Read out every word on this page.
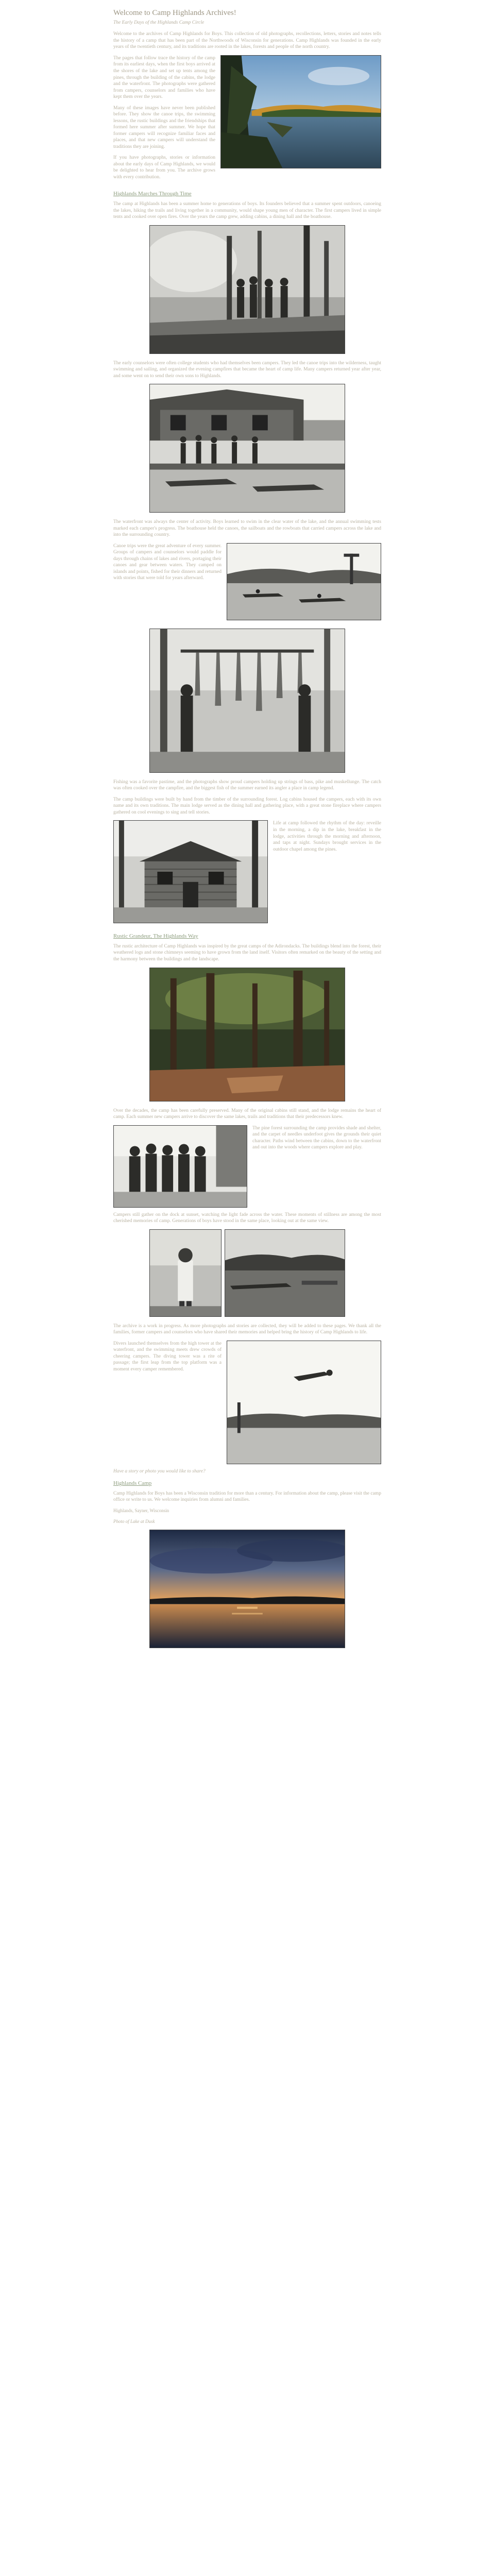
Welcome to Camp Highlands Archives!
The Early Days of the Highlands Camp Circle

Welcome to the archives of Camp Highlands for Boys. This collection of old photographs, recollections, letters, stories and notes tells the history of a camp that has been part of the Northwoods of Wisconsin for generations. Camp Highlands was founded in the early years of the twentieth century, and its traditions are rooted in the lakes, forests and people of the north country.

The pages that follow trace the history of the camp from its earliest days, when the first boys arrived at the shores of the lake and set up tents among the pines, through the building of the cabins, the lodge and the waterfront. The photographs were gathered from campers, counselors and families who have kept them over the years.

Many of these images have never been published before. They show the canoe trips, the swimming lessons, the rustic buildings and the friendships that formed here summer after summer. We hope that former campers will recognize familiar faces and places, and that new campers will understand the traditions they are joining.

If you have photographs, stories or information about the early days of Camp Highlands, we would be delighted to hear from you. The archive grows with every contribution.

Highlands Marches Through Time

The camp at Highlands has been a summer home to generations of boys. Its founders believed that a summer spent outdoors, canoeing the lakes, hiking the trails and living together in a community, would shape young men of character. The first campers lived in simple tents and cooked over open fires. Over the years the camp grew, adding cabins, a dining hall and the boathouse.

The early counselors were often college students who had themselves been campers. They led the canoe trips into the wilderness, taught swimming and sailing, and organized the evening campfires that became the heart of camp life. Many campers returned year after year, and some went on to send their own sons to Highlands.

The waterfront was always the center of activity. Boys learned to swim in the clear water of the lake, and the annual swimming tests marked each camper's progress. The boathouse held the canoes, the sailboats and the rowboats that carried campers across the lake and into the surrounding country.

Canoe trips were the great adventure of every summer. Groups of campers and counselors would paddle for days through chains of lakes and rivers, portaging their canoes and gear between waters. They camped on islands and points, fished for their dinners and returned with stories that were told for years afterward.

Fishing was a favorite pastime, and the photographs show proud campers holding up strings of bass, pike and muskellunge. The catch was often cooked over the campfire, and the biggest fish of the summer earned its angler a place in camp legend.

The camp buildings were built by hand from the timber of the surrounding forest. Log cabins housed the campers, each with its own name and its own traditions. The main lodge served as the dining hall and gathering place, with a great stone fireplace where campers gathered on cool evenings to sing and tell stories.

Life at camp followed the rhythm of the day: reveille in the morning, a dip in the lake, breakfast in the lodge, activities through the morning and afternoon, and taps at night. Sundays brought services in the outdoor chapel among the pines.

Rustic Grandeur, The Highlands Way

The rustic architecture of Camp Highlands was inspired by the great camps of the Adirondacks. The buildings blend into the forest, their weathered logs and stone chimneys seeming to have grown from the land itself. Visitors often remarked on the beauty of the setting and the harmony between the buildings and the landscape.

Over the decades, the camp has been carefully preserved. Many of the original cabins still stand, and the lodge remains the heart of camp. Each summer new campers arrive to discover the same lakes, trails and traditions that their predecessors knew.

The pine forest surrounding the camp provides shade and shelter, and the carpet of needles underfoot gives the grounds their quiet character. Paths wind between the cabins, down to the waterfront and out into the woods where campers explore and play.

Campers still gather on the dock at sunset, watching the light fade across the water. These moments of stillness are among the most cherished memories of camp. Generations of boys have stood in the same place, looking out at the same view.

The archive is a work in progress. As more photographs and stories are collected, they will be added to these pages. We thank all the families, former campers and counselors who have shared their memories and helped bring the history of Camp Highlands to life.

Divers launched themselves from the high tower at the waterfront, and the swimming meets drew crowds of cheering campers. The diving tower was a rite of passage; the first leap from the top platform was a moment every camper remembered.

Have a story or photo you would like to share?

Highlands Camp

Camp Highlands for Boys has been a Wisconsin tradition for more than a century. For information about the camp, please visit the camp office or write to us. We welcome inquiries from alumni and families.

Highlands, Sayner, Wisconsin

Photo of Lake at Dusk
